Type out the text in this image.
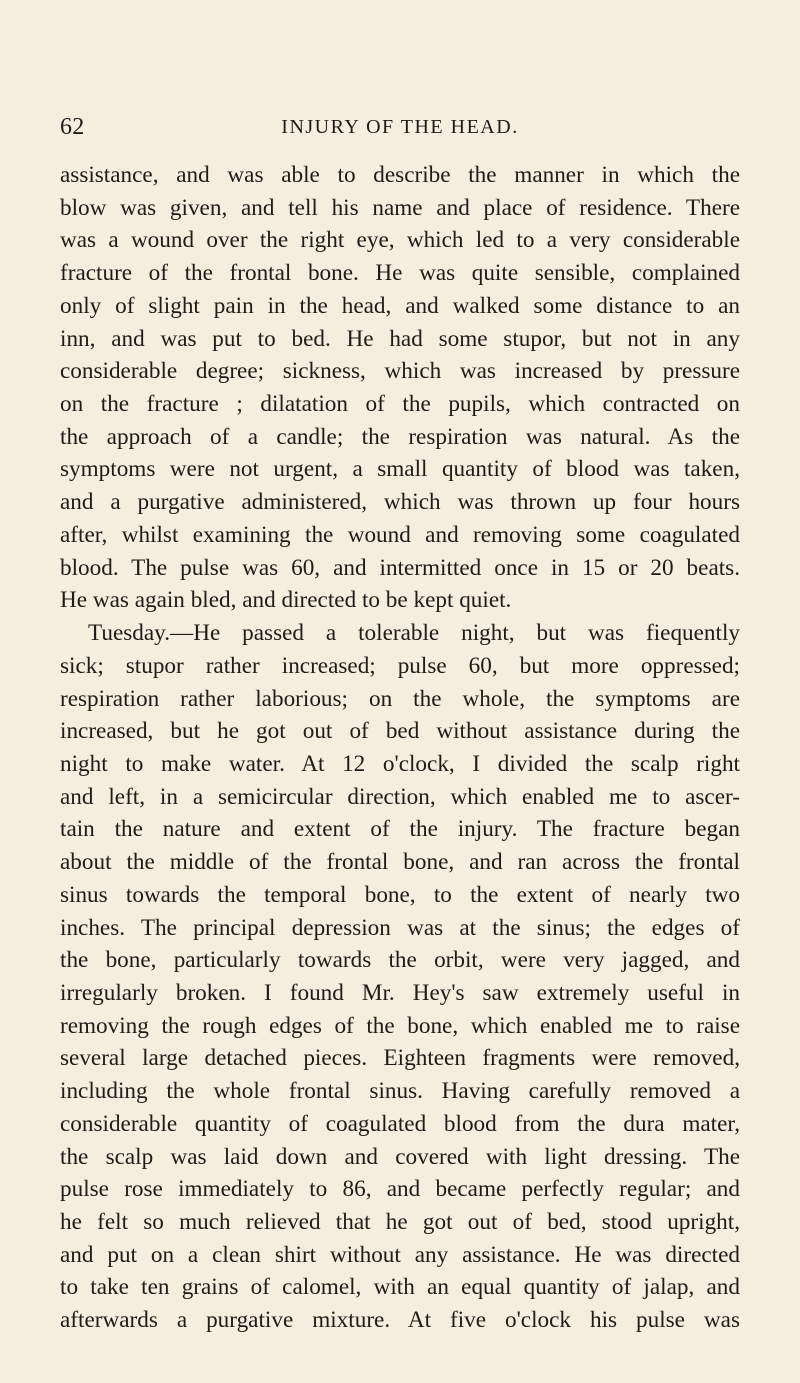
62	INJURY OF THE HEAD.
assistance, and was able to describe the manner in which the
blow was given, and tell his name and place of residence. There
was a wound over the right eye, which led to a very considerable
fracture of the frontal bone. He was quite sensible, complained
only of slight pain in the head, and walked some distance to an
inn, and was put to bed. He had some stupor, but not in any
considerable degree; sickness, which was increased by pressure
on the fracture ; dilatation of the pupils, which contracted on
the approach of a candle; the respiration was natural. As the
symptoms were not urgent, a small quantity of blood was taken,
and a purgative administered, which was thrown up four hours
after, whilst examining the wound and removing some coagulated
blood. The pulse was 60, and intermitted once in 15 or 20 beats.
He was again bled, and directed to be kept quiet.
Tuesday.—He passed a tolerable night, but was fiequently
sick; stupor rather increased; pulse 60, but more oppressed;
respiration rather laborious; on the whole, the symptoms are
increased, but he got out of bed without assistance during the
night to make water. At 12 o'clock, I divided the scalp right
and left, in a semicircular direction, which enabled me to ascer-
tain the nature and extent of the injury. The fracture began
about the middle of the frontal bone, and ran across the frontal
sinus towards the temporal bone, to the extent of nearly two
inches. The principal depression was at the sinus; the edges of
the bone, particularly towards the orbit, were very jagged, and
irregularly broken. I found Mr. Hey's saw extremely useful in
removing the rough edges of the bone, which enabled me to raise
several large detached pieces. Eighteen fragments were removed,
including the whole frontal sinus. Having carefully removed a
considerable quantity of coagulated blood from the dura mater,
the scalp was laid down and covered with light dressing. The
pulse rose immediately to 86, and became perfectly regular; and
he felt so much relieved that he got out of bed, stood upright,
and put on a clean shirt without any assistance. He was directed
to take ten grains of calomel, with an equal quantity of jalap, and
afterwards a purgative mixture. At five o'clock his pulse was
